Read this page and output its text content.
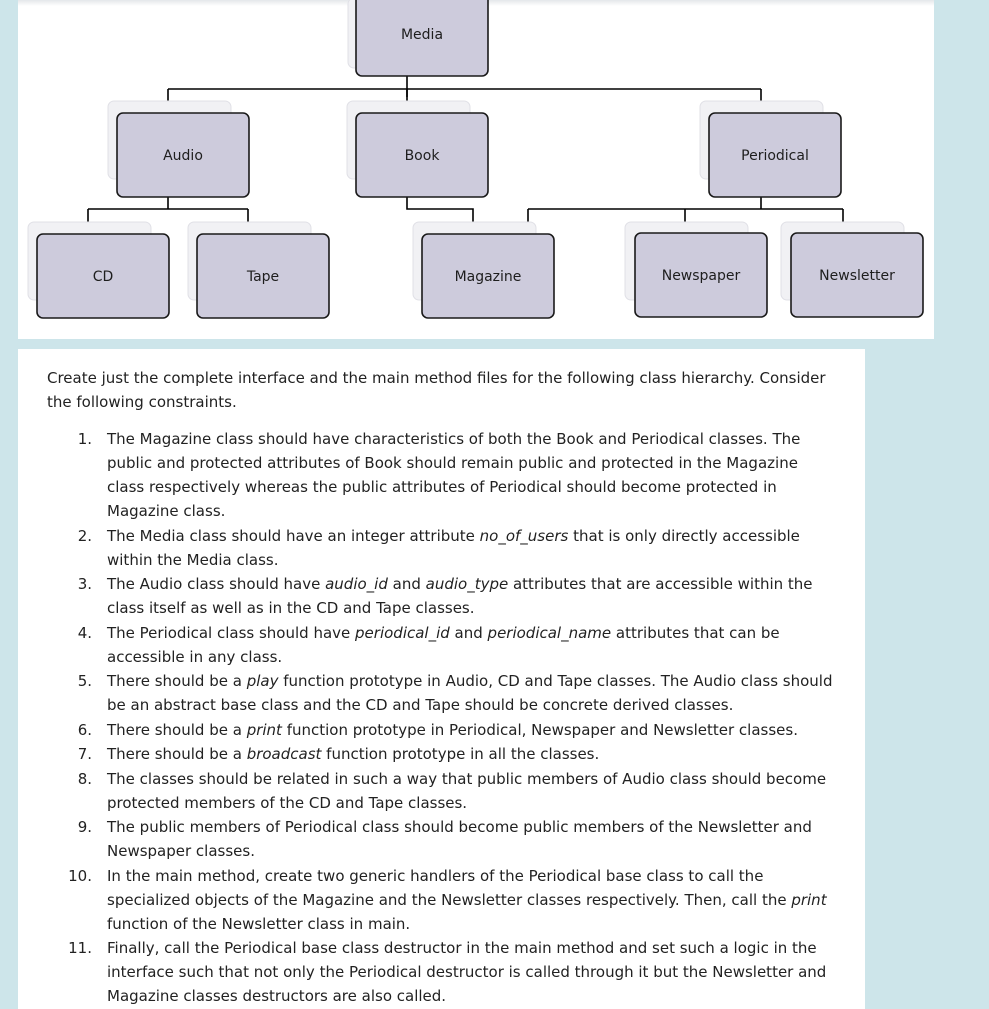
Media
Audio	Book	Periodical
CD	Tape	Magazine	Newspaper	Newsletter
Create just the complete interface and the main method files for the following class hierarchy. Consider the following constraints.
1. The Magazine class should have characteristics of both the Book and Periodical classes. The public and protected attributes of Book should remain public and protected in the Magazine class respectively whereas the public attributes of Periodical should become protected in Magazine class.
2. The Media class should have an integer attribute no_of_users that is only directly accessible within the Media class.
3. The Audio class should have audio_id and audio_type attributes that are accessible within the class itself as well as in the CD and Tape classes.
4. The Periodical class should have periodical_id and periodical_name attributes that can be accessible in any class.
5. There should be a play function prototype in Audio, CD and Tape classes. The Audio class should be an abstract base class and the CD and Tape should be concrete derived classes.
6. There should be a print function prototype in Periodical, Newspaper and Newsletter classes.
7. There should be a broadcast function prototype in all the classes.
8. The classes should be related in such a way that public members of Audio class should become protected members of the CD and Tape classes.
9. The public members of Periodical class should become public members of the Newsletter and Newspaper classes.
10. In the main method, create two generic handlers of the Periodical base class to call the specialized objects of the Magazine and the Newsletter classes respectively. Then, call the print function of the Newsletter class in main.
11. Finally, call the Periodical base class destructor in the main method and set such a logic in the interface such that not only the Periodical destructor is called through it but the Newsletter and Magazine classes destructors are also called.
